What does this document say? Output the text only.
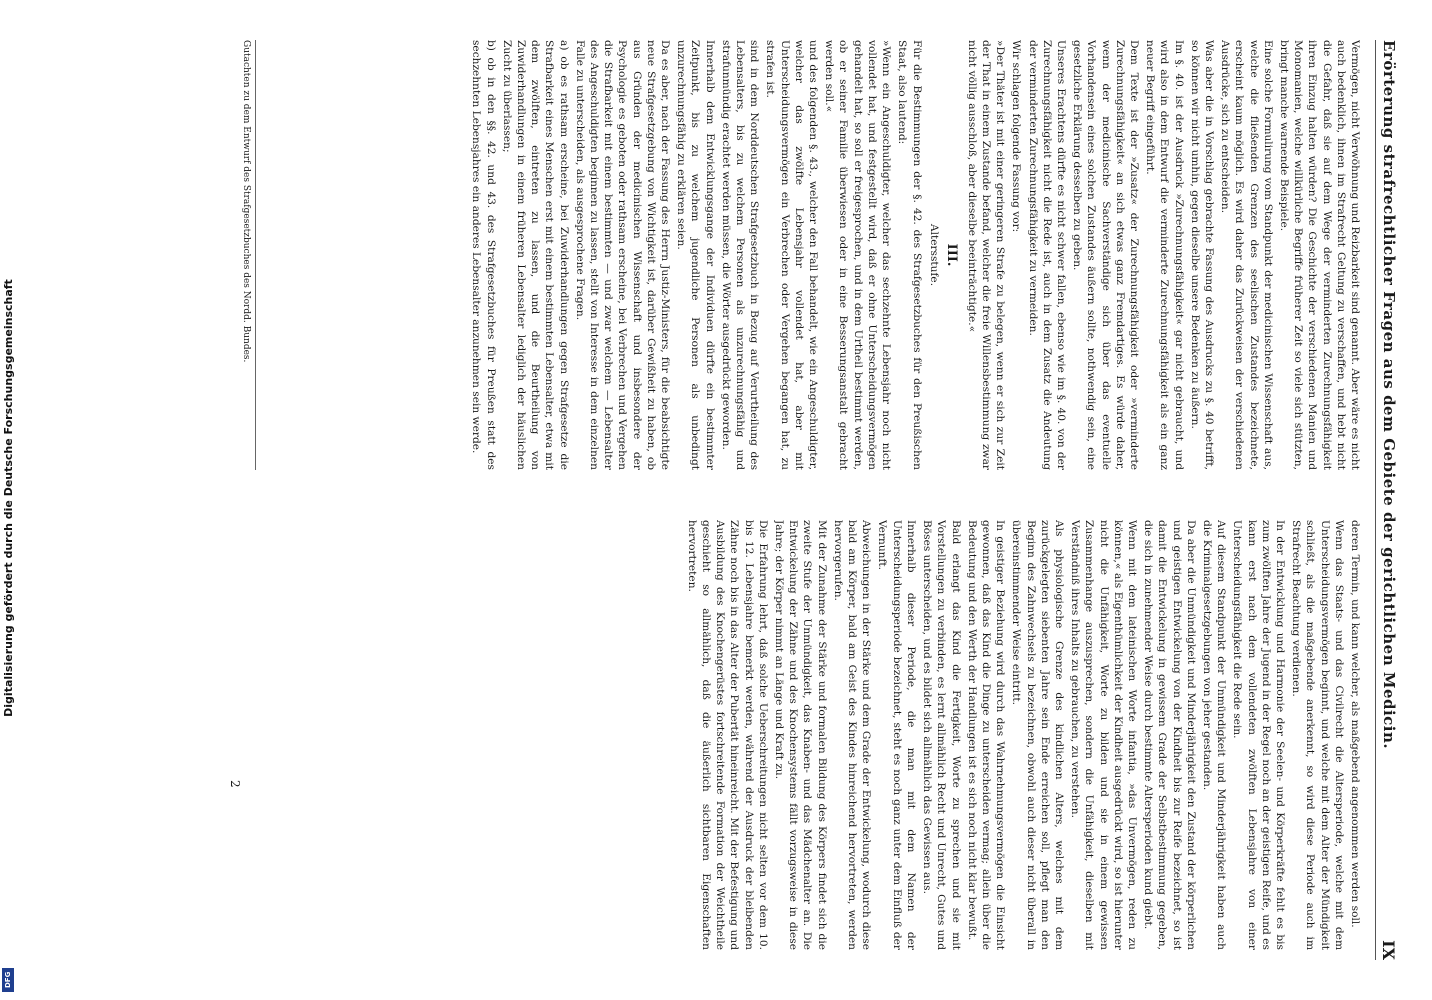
Digitalisierung gefördert durch die Deutsche Forschungsgemeinschaft
DFG
Erörterung strafrechtlicher Fragen aus dem Gebiete der gerichtlichen Medicin.
IX

Vermögen, nicht Verwöhnung und Reizbarkeit sind genannt. Aber wäre es nicht auch bedenklich, ihnen im Strafrecht Geltung zu verschaffen, und hebt nicht die Gefahr, daß sie auf dem Wege der verminderten Zurechnungsfähigkeit ihren Einzug halten würden? Die Geschichte der verschiedenen Manien und Monomanien, welche willkürliche Begriffe früherer Zeit so viele sich stützten, bringt manche warnende Beispiele.

Eine solche Formulirung vom Standpunkt der medicinischen Wissenschaft aus, welche die fließenden Grenzen des seelischen Zustandes bezeichnete, erscheint kaum möglich. Es wird daher das Zurückweisen der verschiedenen Ausdrücke, sich zu entscheiden.

Was aber die in Vorschlag gebrachte Fassung des Ausdrucks zu §. 40 betrifft, so können wir nicht umhin, gegen dieselbe unsere Bedenken zu äußern.

Im §. 40. ist der Ausdruck »Zurechnungsfähigkeit« gar nicht gebraucht, und wird also in dem Entwurf die verminderte Zurechnungsfähigkeit als ein ganz neuer Begriff eingeführt.

Dem Texte ist der »Zusatz« der Zurechnungsfähigkeit oder »verminderte Zurechnungsfähigkeit« an sich etwas ganz Fremdartiges. Es würde daher, wenn der medicinische Sachverständige sich über das eventuelle Vorhandensein eines solchen Zustandes äußern sollte, nothwendig sein, eine gesetzliche Erklärung desselben zu geben.

Unseres Erachtens dürfte es nicht schwer fallen, ebenso wie im §. 40. von der Zurechnungsfähigkeit nicht die Rede ist, auch in dem Zusatz die Andeutung der verminderten Zurechnungsfähigkeit zu vermeiden.

Wir schlagen folgende Fassung vor:

»Der Thäter ist mit einer geringeren Strafe zu belegen, wenn er sich zur Zeit der That in einem Zustande befand, welcher die freie Willensbestimmung zwar nicht völlig ausschloß, aber dieselbe beeinträchtigte.«

III.
Altersstufe.

Für die Bestimmungen der §. 42. des Strafgesetzbuches für den Preußischen Staat, also lautend:

»Wenn ein Angeschuldigter, welcher das sechzehnte Lebensjahr noch nicht vollendet hat, und festgestellt wird, daß er ohne Unterscheidungsvermögen gehandelt hat, so soll er freigesprochen, und in dem Urtheil bestimmt werden, ob er seiner Familie überwiesen oder in eine Besserungsanstalt gebracht werden soll.«

und des folgenden §. 43., welcher den Fall behandelt, wie ein Angeschuldigter, welcher das zwölfte Lebensjahr vollendet hat, aber mit Unterscheidungsvermögen ein Verbrechen oder Vergehen begangen hat, zu strafen ist.

sind in dem Norddeutschen Strafgesetzbuch in Bezug auf Verurtheilung des Lebensalters, bis zu welchem Personen als unzurechnungsfähig und strafunmündig erachtet werden müssen, die Wörter ausgedrückt geworden.

Innerhalb dem Entwicklungsgange der Individuen dürfte ein bestimmter Zeitpunkt, bis zu welchem jugendliche Personen als unbedingt unzurechnungsfähig zu erklären seien.

Da es aber, nach der Fassung des Herrn Justiz-Ministers, für die beabsichtigte neue Strafgesetzgebung von Wichtigkeit ist, darüber Gewißheit zu haben, ob aus Gründen der medicinischen Wissenschaft und insbesondere der Psychologie es geboten oder rathsam erscheine, bei Verbrechen und Vergehen die Strafbarkeit mit einem bestimmten — und zwar welchem — Lebensalter des Angeschuldigten beginnen zu lassen, stellt von Interesse in dem einzelnen Falle zu unterscheiden, als ausgesprochene Fragen.

a) ob es rathsam erscheine, bei Zuwiderhandlungen gegen Strafgesetze die Strafbarkeit eines Menschen erst mit einem bestimmten Lebensalter, etwa mit dem zwölften, eintreten zu lassen, und die Beurtheilung von Zuwiderhandlungen in einem früheren Lebensalter lediglich der häuslichen Zucht zu überlassen;

b) ob in den §§. 42. und 43. des Strafgesetzbuches für Preußen statt des sechzehnten Lebensjahres ein anderes Lebensalter anzunehmen sein werde.

Gutachten zu dem Entwurf des Strafgesetzbuches des Nordd. Bundes.

deren Termin, und kann welcher, als maßgebend angenommen werden soll.

Wenn das Staats- und das Civilrecht die Altersperiode, welche mit dem Unterscheidungsvermögen beginnt, und welche mit dem Alter der Mündigkeit schließt, als die maßgebende anerkennt, so wird diese Periode auch im Strafrecht Beachtung verdienen.

In der Entwicklung und Harmonie der Seelen- und Körperkräfte fehlt es bis zum zwölften Jahre der Jugend in der Regel noch an der geistigen Reife, und es kann erst nach dem vollendeten zwölften Lebensjahre von einer Unterscheidungsfähigkeit die Rede sein.

Auf diesem Standpunkt der Unmündigkeit und Minderjährigkeit haben auch die Kriminalgesetzgebungen von jeher gestanden.

Da aber die Unmündigkeit und Minderjährigkeit den Zustand der körperlichen und geistigen Entwickelung von der Kindheit bis zur Reife bezeichnet, so ist damit die Entwickelung in gewissem Grade der Selbstbestimmung gegeben, die sich in zunehmender Weise durch bestimmte Altersperioden kund giebt.

Wenn mit dem lateinischen Worte infantia, »das Unvermögen, reden zu können,« als Eigenthümlichkeit der Kindheit ausgedrückt wird, so ist hierunter nicht die Unfähigkeit, Worte zu bilden und sie in einem gewissen Zusammenhange auszusprechen, sondern die Unfähigkeit, dieselben mit Verständniß ihres Inhalts zu gebrauchen, zu verstehen.

Als physiologische Grenze des kindlichen Alters, welches mit dem zurückgelegten siebenten Jahre sein Ende erreichen soll, pflegt man den Beginn des Zahnwechsels zu bezeichnen, obwohl auch dieser nicht überall in übereinstimmender Weise eintritt.

In geistiger Beziehung wird durch das Wahrnehmungsvermögen die Einsicht gewonnen, daß das Kind die Dinge zu unterscheiden vermag; allein über die Bedeutung und den Werth der Handlungen ist es sich noch nicht klar bewußt.

Bald erlangt das Kind die Fertigkeit, Worte zu sprechen und sie mit Vorstellungen zu verbinden, es lernt allmählich Recht und Unrecht, Gutes und Böses unterscheiden, und es bildet sich allmählich das Gewissen aus.

Innerhalb dieser Periode, die man mit dem Namen der Unterscheidungsperiode bezeichnet, steht es noch ganz unter dem Einfluß der Vernunft.

Abweichungen in der Stärke und dem Grade der Entwickelung, wodurch diese bald am Körper, bald am Geist des Kindes hinreichend hervortreten, werden hervorgerufen.

Mit der Zunahme der Stärke und formalen Bildung des Körpers findet sich die zweite Stufe der Unmündigkeit, das Knaben- und das Mädchenalter an. Die Entwickelung der Zähne und des Knochensystems fällt vorzugsweise in diese Jahre; der Körper nimmt an Länge und Kraft zu.

Die Erfahrung lehrt, daß solche Ueberschreitungen nicht selten vor dem 10. bis 12. Lebensjahre bemerkt werden, während der Ausdruck der bleibenden Zähne noch bis in das Alter der Pubertät hineinreicht. Mit der Befestigung und Ausbildung des Knochengerüstes fortschreitende Formation der Weichtheile geschieht so allmählich, daß die äußerlich sichtbaren Eigenschaften hervortreten.

2
